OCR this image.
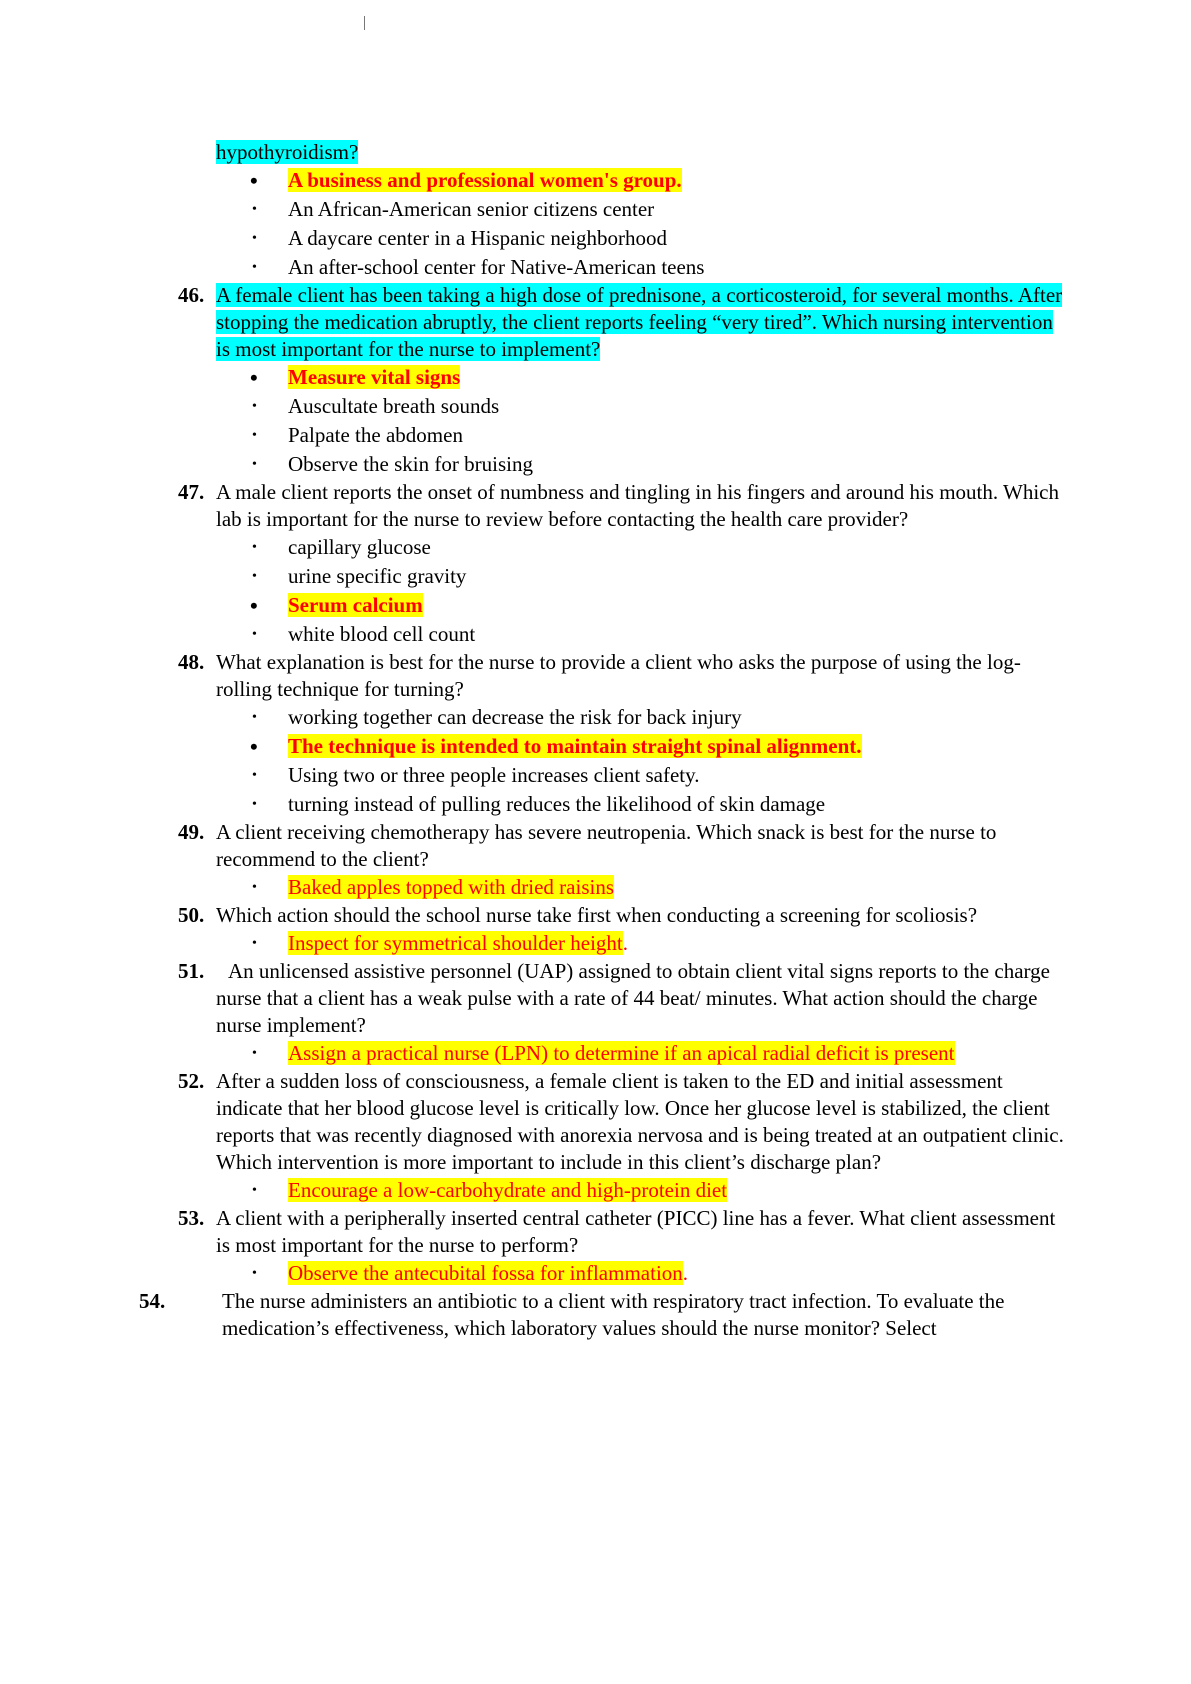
hypothyroidism?
• A business and professional women's group.
• An African-American senior citizens center
• A daycare center in a Hispanic neighborhood
• An after-school center for Native-American teens
46. A female client has been taking a high dose of prednisone, a corticosteroid, for several months. After stopping the medication abruptly, the client reports feeling “very tired”. Which nursing intervention is most important for the nurse to implement?
• Measure vital signs
• Auscultate breath sounds
• Palpate the abdomen
• Observe the skin for bruising
47. A male client reports the onset of numbness and tingling in his fingers and around his mouth. Which lab is important for the nurse to review before contacting the health care provider?
• capillary glucose
• urine specific gravity
• Serum calcium
• white blood cell count
48. What explanation is best for the nurse to provide a client who asks the purpose of using the log-rolling technique for turning?
• working together can decrease the risk for back injury
• The technique is intended to maintain straight spinal alignment.
• Using two or three people increases client safety.
• turning instead of pulling reduces the likelihood of skin damage
49. A client receiving chemotherapy has severe neutropenia. Which snack is best for the nurse to recommend to the client?
• Baked apples topped with dried raisins
50. Which action should the school nurse take first when conducting a screening for scoliosis?
• Inspect for symmetrical shoulder height.
51.	An unlicensed assistive personnel (UAP) assigned to obtain client vital signs reports to the charge nurse that a client has a weak pulse with a rate of 44 beat/ minutes. What action should the charge nurse implement?
• Assign a practical nurse (LPN) to determine if an apical radial deficit is present
52. After a sudden loss of consciousness, a female client is taken to the ED and initial assessment indicate that her blood glucose level is critically low. Once her glucose level is stabilized, the client reports that was recently diagnosed with anorexia nervosa and is being treated at an outpatient clinic. Which intervention is more important to include in this client’s discharge plan?
• Encourage a low-carbohydrate and high-protein diet
53. A client with a peripherally inserted central catheter (PICC) line has a fever. What client assessment is most important for the nurse to perform?
• Observe the antecubital fossa for inflammation.
54.	The nurse administers an antibiotic to a client with respiratory tract infection. To evaluate the medication’s effectiveness, which laboratory values should the nurse monitor? Select
